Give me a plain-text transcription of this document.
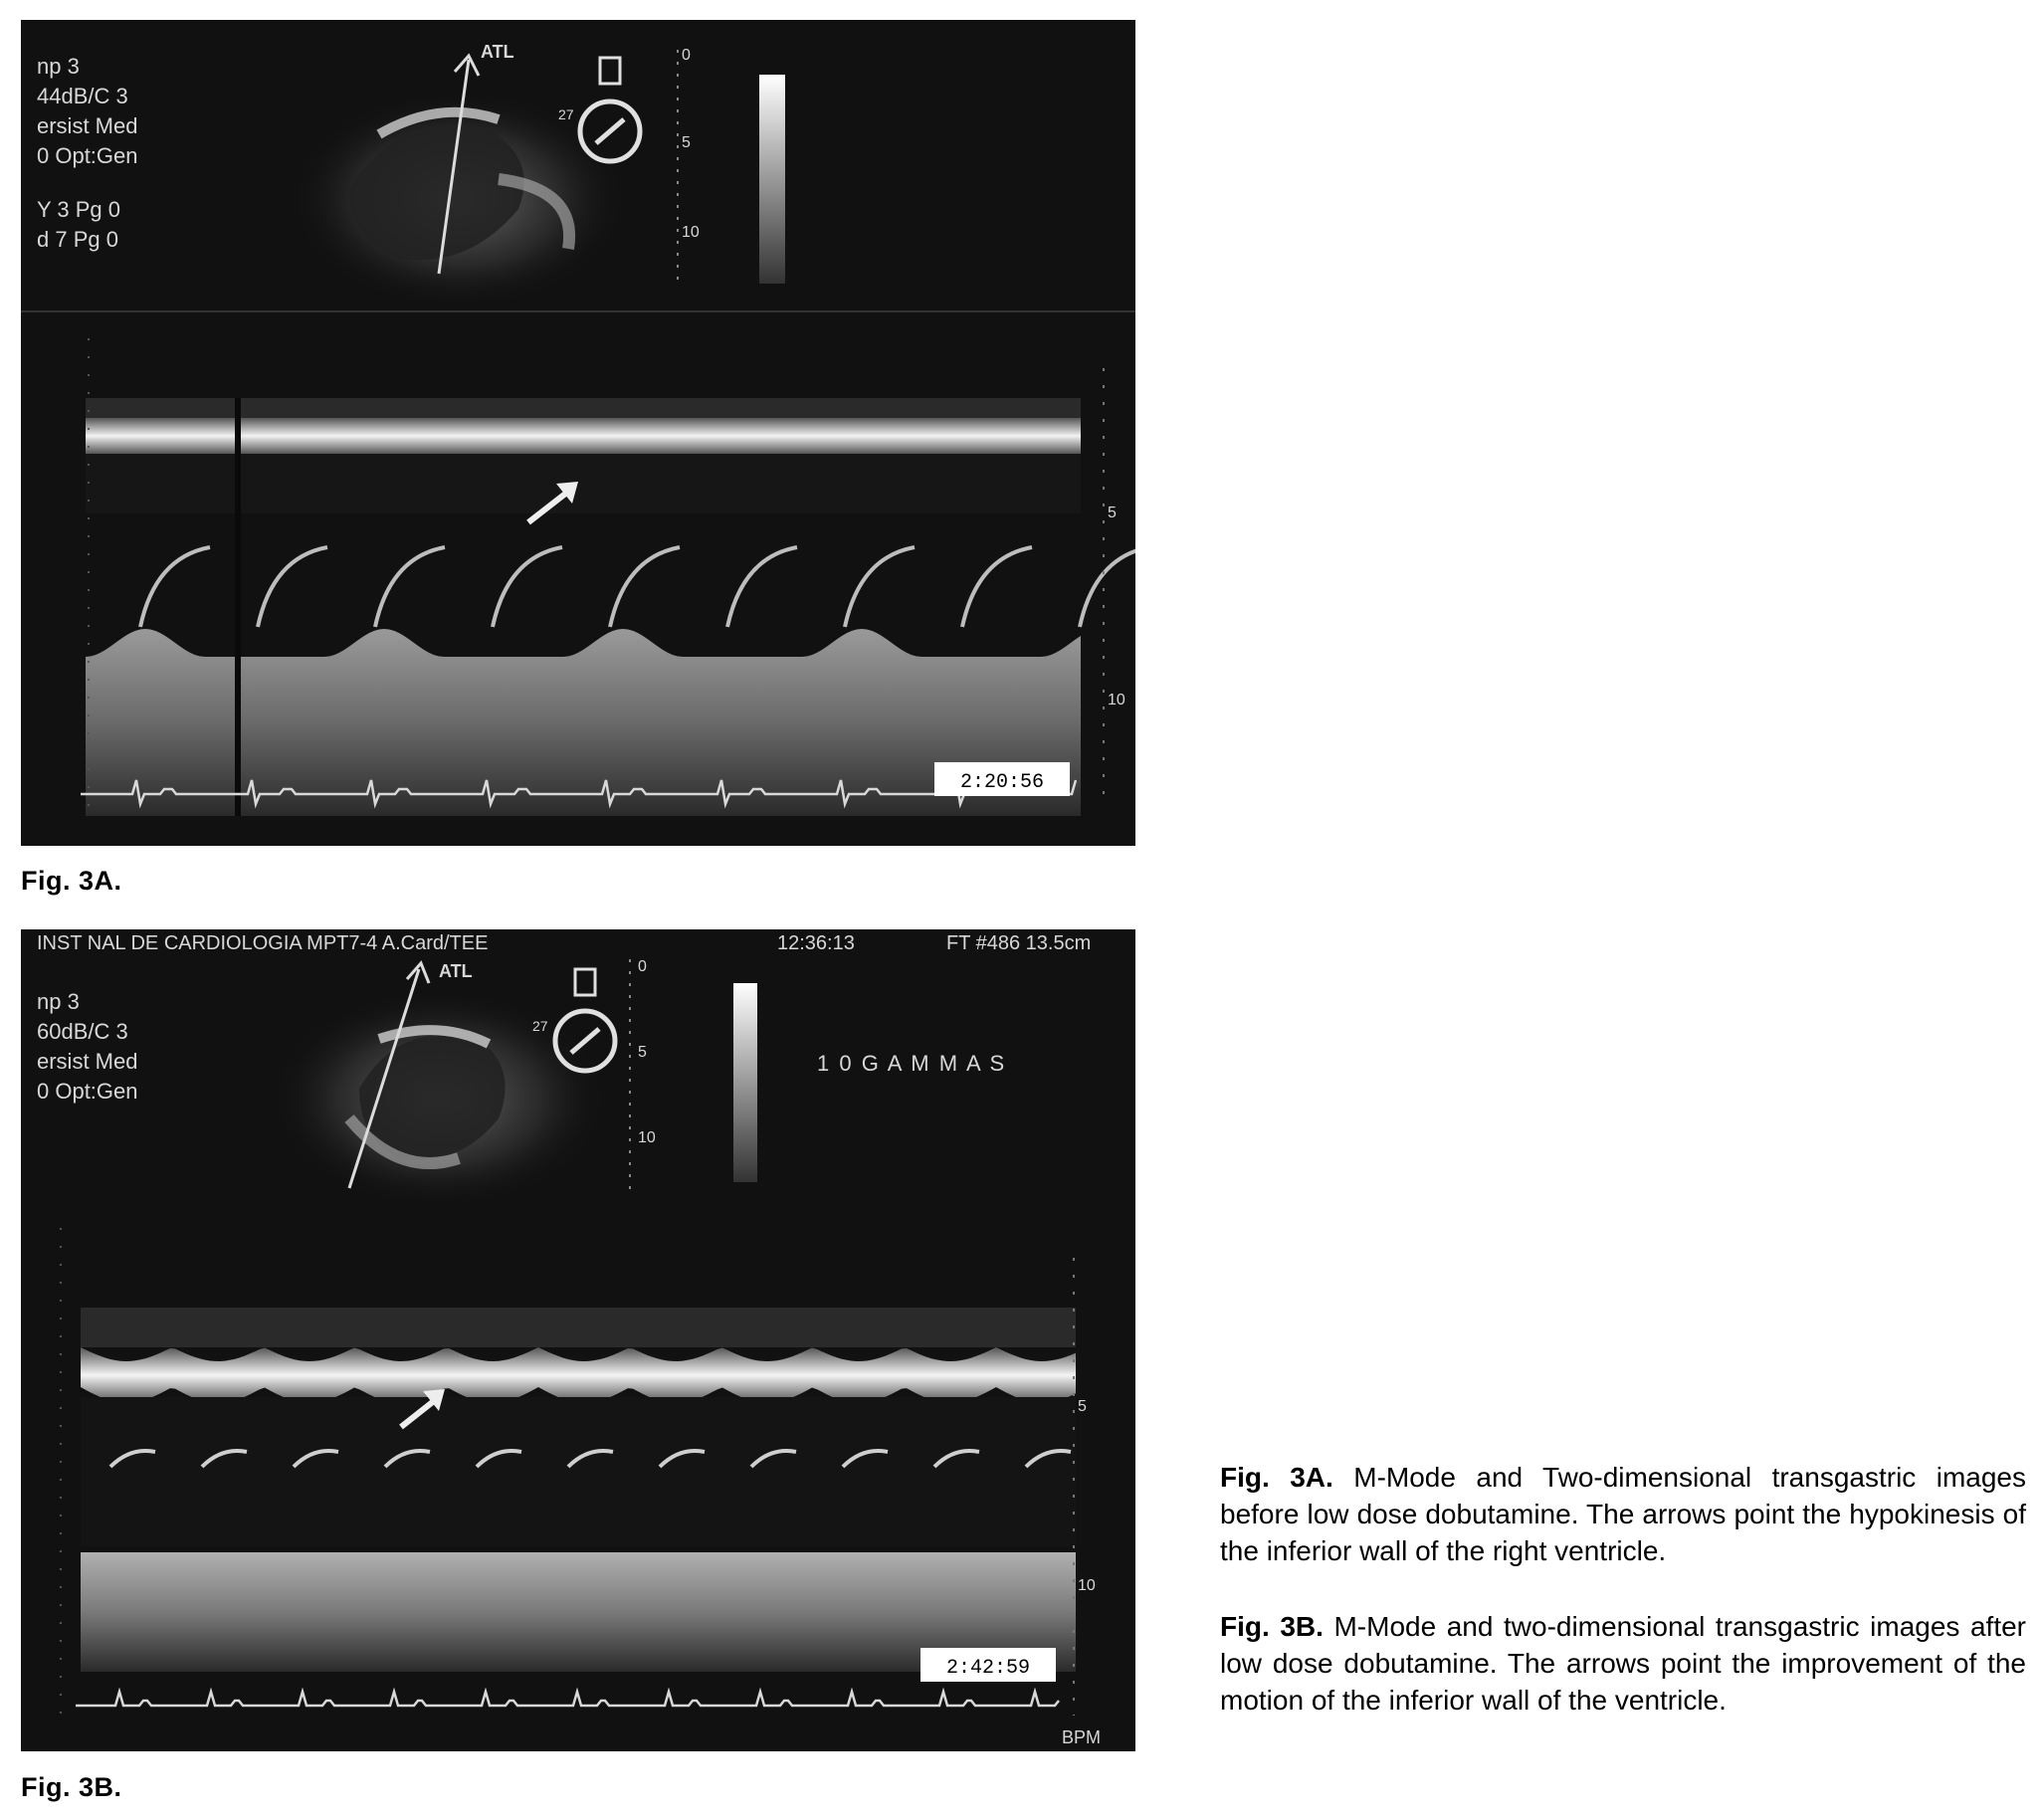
np 3
44dB/C 3
ersist Med
0 Opt:Gen
Y 3 Pg 0
d 7 Pg 0
ATL
27
0
5
10
5
10
2:20:56
Fig. 3A.
INST NAL DE CARDIOLOGIA MPT7-4 A.Card/TEE	12:36:13	FT #486 13.5cm
np 3
60dB/C 3
ersist Med
0 Opt:Gen
ATL
27
0
5
10
1 0 G A M M A S
5
10
BPM
2:42:59
Fig. 3B.
Fig. 3A. M-Mode and Two-dimensional transgastric images before low dose dobutamine. The arrows point the hypokinesis of the inferior wall of the right ventricle.
Fig. 3B. M-Mode and two-dimensional transgastric images after low dose dobutamine. The arrows point the improvement of the motion of the inferior wall of the ventricle.
